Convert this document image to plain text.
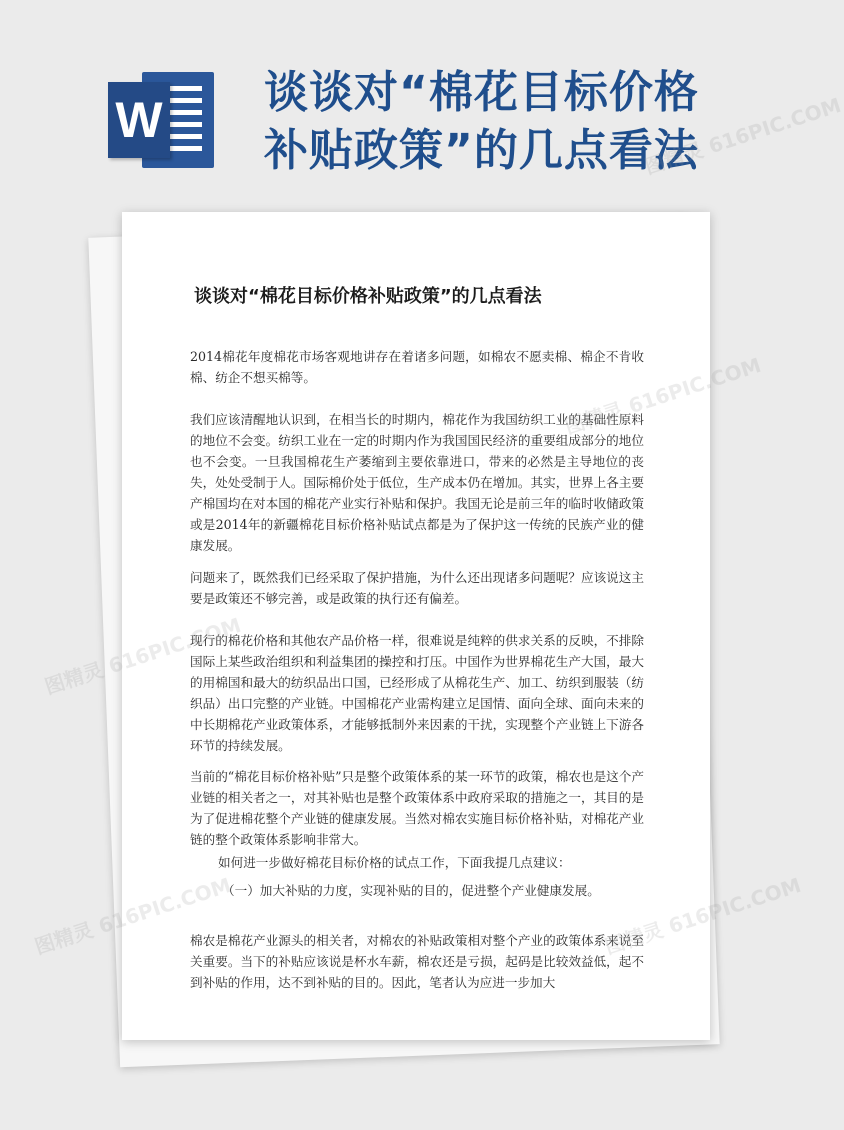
W 谈谈对“棉花目标价格
补贴政策”的几点看法
谈谈对“棉花目标价格补贴政策”的几点看法

2014棉花年度棉花市场客观地讲存在着诸多问题，如棉农不愿卖棉、棉企不肯收棉、纺企不想买棉等。

我们应该清醒地认识到，在相当长的时期内，棉花作为我国纺织工业的基础性原料的地位不会变。纺织工业在一定的时期内作为我国国民经济的重要组成部分的地位也不会变。一旦我国棉花生产萎缩到主要依靠进口，带来的必然是主导地位的丧失，处处受制于人。国际棉价处于低位，生产成本仍在增加。其实，世界上各主要产棉国均在对本国的棉花产业实行补贴和保护。我国无论是前三年的临时收储政策或是2014年的新疆棉花目标价格补贴试点都是为了保护这一传统的民族产业的健康发展。

问题来了，既然我们已经采取了保护措施，为什么还出现诸多问题呢？应该说这主要是政策还不够完善，或是政策的执行还有偏差。

现行的棉花价格和其他农产品价格一样，很难说是纯粹的供求关系的反映，不排除国际上某些政治组织和利益集团的操控和打压。中国作为世界棉花生产大国，最大的用棉国和最大的纺织品出口国，已经形成了从棉花生产、加工、纺织到服装（纺织品）出口完整的产业链。中国棉花产业需构建立足国情、面向全球、面向未来的中长期棉花产业政策体系，才能够抵制外来因素的干扰，实现整个产业链上下游各环节的持续发展。

当前的“棉花目标价格补贴”只是整个政策体系的某一环节的政策，棉农也是这个产业链的相关者之一，对其补贴也是整个政策体系中政府采取的措施之一，其目的是为了促进棉花整个产业链的健康发展。当然对棉农实施目标价格补贴，对棉花产业链的整个政策体系影响非常大。

如何进一步做好棉花目标价格的试点工作，下面我提几点建议：

（一）加大补贴的力度，实现补贴的目的，促进整个产业健康发展。

棉农是棉花产业源头的相关者，对棉农的补贴政策相对整个产业的政策体系来说至关重要。当下的补贴应该说是杯水车薪，棉农还是亏损，起码是比较效益低，起不到补贴的作用，达不到补贴的目的。因此，笔者认为应进一步加大

图精灵 616PIC.COM
图精灵
616PIC.COM
图精灵
